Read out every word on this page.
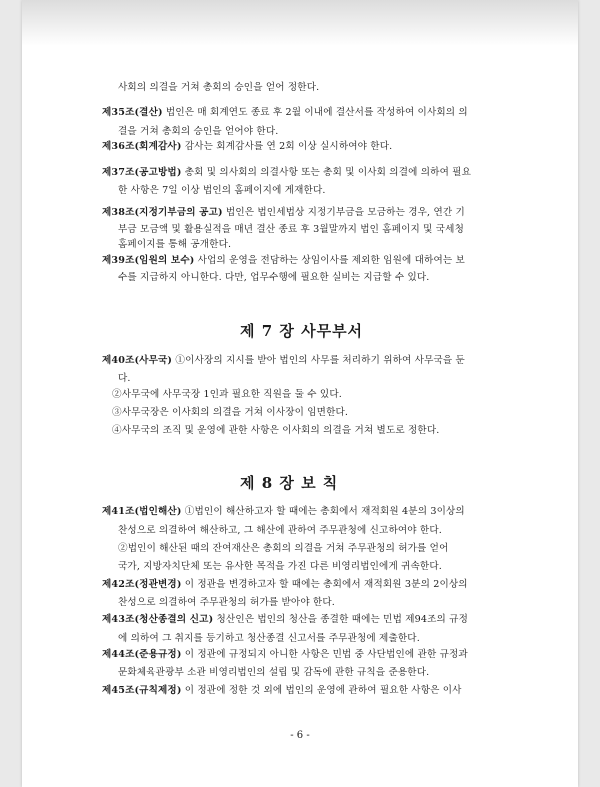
사회의 의결을 거쳐 총회의 승인을 얻어 정한다.
제35조(결산) 법인은 매 회계연도 종료 후 2월 이내에 결산서를 작성하여 이사회의 의
결을 거쳐 총회의 승인을 얻어야 한다.
제36조(회계감사) 감사는 회계감사를 연 2회 이상 실시하여야 한다.
제37조(공고방법) 총회 및 의사회의 의결사항 또는 총회 및 이사회 의결에 의하여 필요
한 사항은 7일 이상 법인의 홈페이지에 게재한다.
제38조(지정기부금의 공고) 법인은 법인세법상 지정기부금을 모금하는 경우, 연간 기
부금 모금액 및 활용실적을 매년 결산 종료 후 3월말까지 법인 홈페이지 및 국세청
홈페이지를 통해 공개한다.
제39조(임원의 보수) 사업의 운영을 전담하는 상임이사를 제외한 임원에 대하여는 보
수를 지급하지 아니한다. 다만, 업무수행에 필요한 실비는 지급할 수 있다.
제 7 장 사무부서
제40조(사무국) ①이사장의 지시를 받아 법인의 사무를 처리하기 위하여 사무국을 둔
다.
②사무국에 사무국장 1인과 필요한 직원을 둘 수 있다.
③사무국장은 이사회의 의결을 거쳐 이사장이 임면한다.
④사무국의 조직 및 운영에 관한 사항은 이사회의 의결을 거쳐 별도로 정한다.
제 8 장 보 칙
제41조(법인해산) ①법인이 해산하고자 할 때에는 총회에서 재적회원 4분의 3이상의
찬성으로 의결하여 해산하고, 그 해산에 관하여 주무관청에 신고하여야 한다.
②법인이 해산된 때의 잔여재산은 총회의 의결을 거쳐 주무관청의 허가를 얻어
국가, 지방자치단체 또는 유사한 목적을 가진 다른 비영리법인에게 귀속한다.
제42조(정관변경) 이 정관을 변경하고자 할 때에는 총회에서 재적회원 3분의 2이상의
찬성으로 의결하여 주무관청의 허가를 받아야 한다.
제43조(청산종결의 신고) 청산인은 법인의 청산을 종결한 때에는 민법 제94조의 규정
에 의하여 그 취지를 등기하고 청산종결 신고서를 주무관청에 제출한다.
제44조(준용규정) 이 정관에 규정되지 아니한 사항은 민법 중 사단법인에 관한 규정과
문화체육관광부 소관 비영리법인의 설립 및 감독에 관한 규칙을 준용한다.
제45조(규칙제정) 이 정관에 정한 것 외에 법인의 운영에 관하여 필요한 사항은 이사
- 6 -
